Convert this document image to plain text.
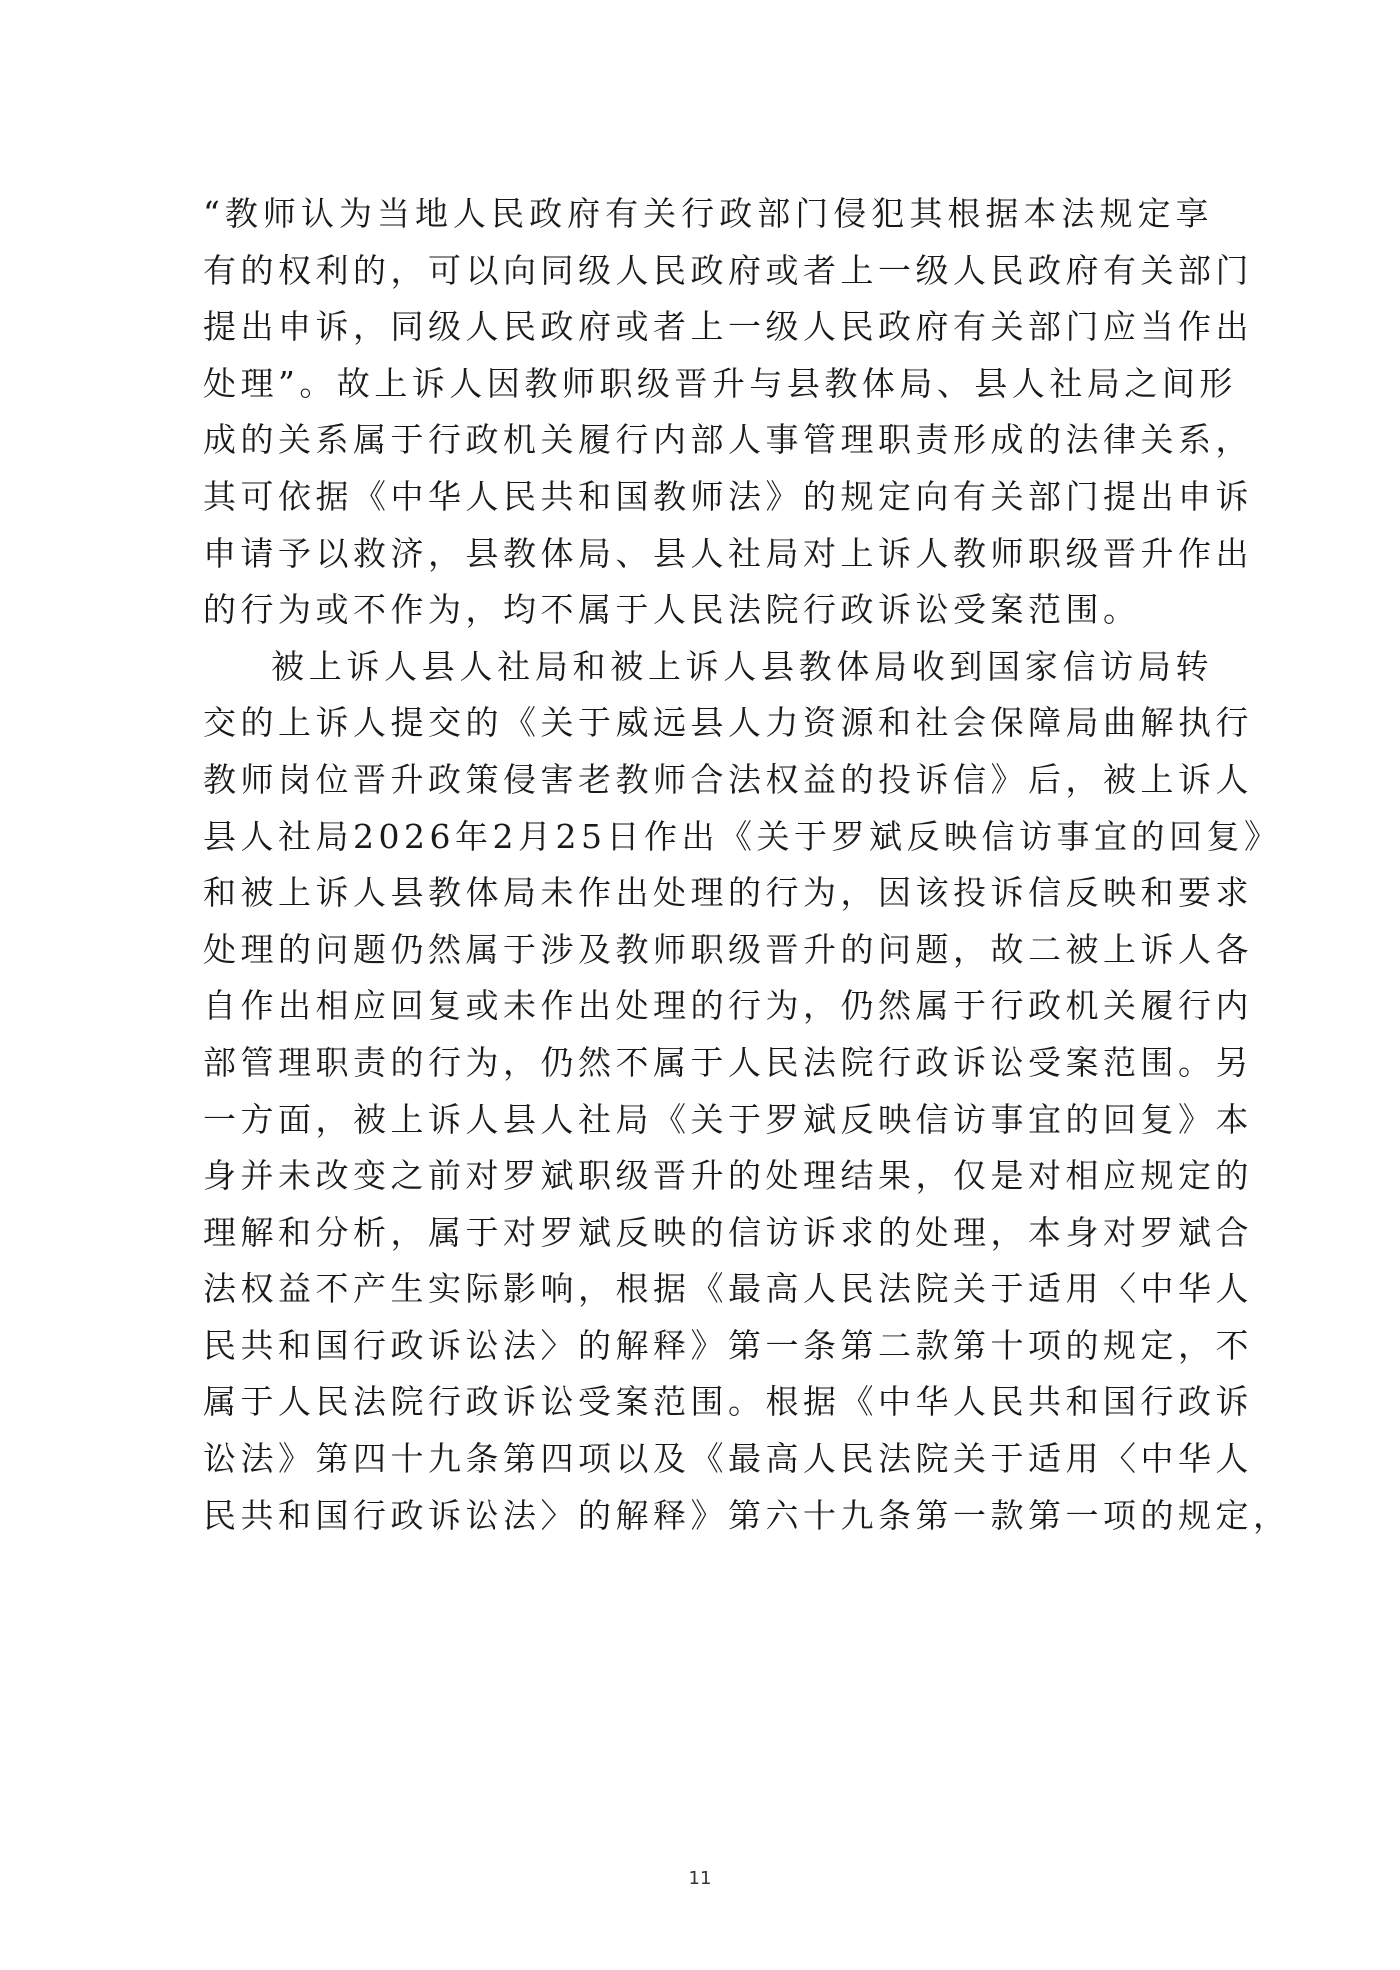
“教师认为当地人民政府有关行政部门侵犯其根据本法规定享
有的权利的，可以向同级人民政府或者上一级人民政府有关部门
提出申诉，同级人民政府或者上一级人民政府有关部门应当作出
处理”。故上诉人因教师职级晋升与县教体局、县人社局之间形
成的关系属于行政机关履行内部人事管理职责形成的法律关系，
其可依据《中华人民共和国教师法》的规定向有关部门提出申诉
申请予以救济，县教体局、县人社局对上诉人教师职级晋升作出
的行为或不作为，均不属于人民法院行政诉讼受案范围。
被上诉人县人社局和被上诉人县教体局收到国家信访局转
交的上诉人提交的《关于威远县人力资源和社会保障局曲解执行
教师岗位晋升政策侵害老教师合法权益的投诉信》后，被上诉人
县人社局2026年2月25日作出《关于罗斌反映信访事宜的回复》
和被上诉人县教体局未作出处理的行为，因该投诉信反映和要求
处理的问题仍然属于涉及教师职级晋升的问题，故二被上诉人各
自作出相应回复或未作出处理的行为，仍然属于行政机关履行内
部管理职责的行为，仍然不属于人民法院行政诉讼受案范围。另
一方面，被上诉人县人社局《关于罗斌反映信访事宜的回复》本
身并未改变之前对罗斌职级晋升的处理结果，仅是对相应规定的
理解和分析，属于对罗斌反映的信访诉求的处理，本身对罗斌合
法权益不产生实际影响，根据《最高人民法院关于适用〈中华人
民共和国行政诉讼法〉的解释》第一条第二款第十项的规定，不
属于人民法院行政诉讼受案范围。根据《中华人民共和国行政诉
讼法》第四十九条第四项以及《最高人民法院关于适用〈中华人
民共和国行政诉讼法〉的解释》第六十九条第一款第一项的规定，
11
